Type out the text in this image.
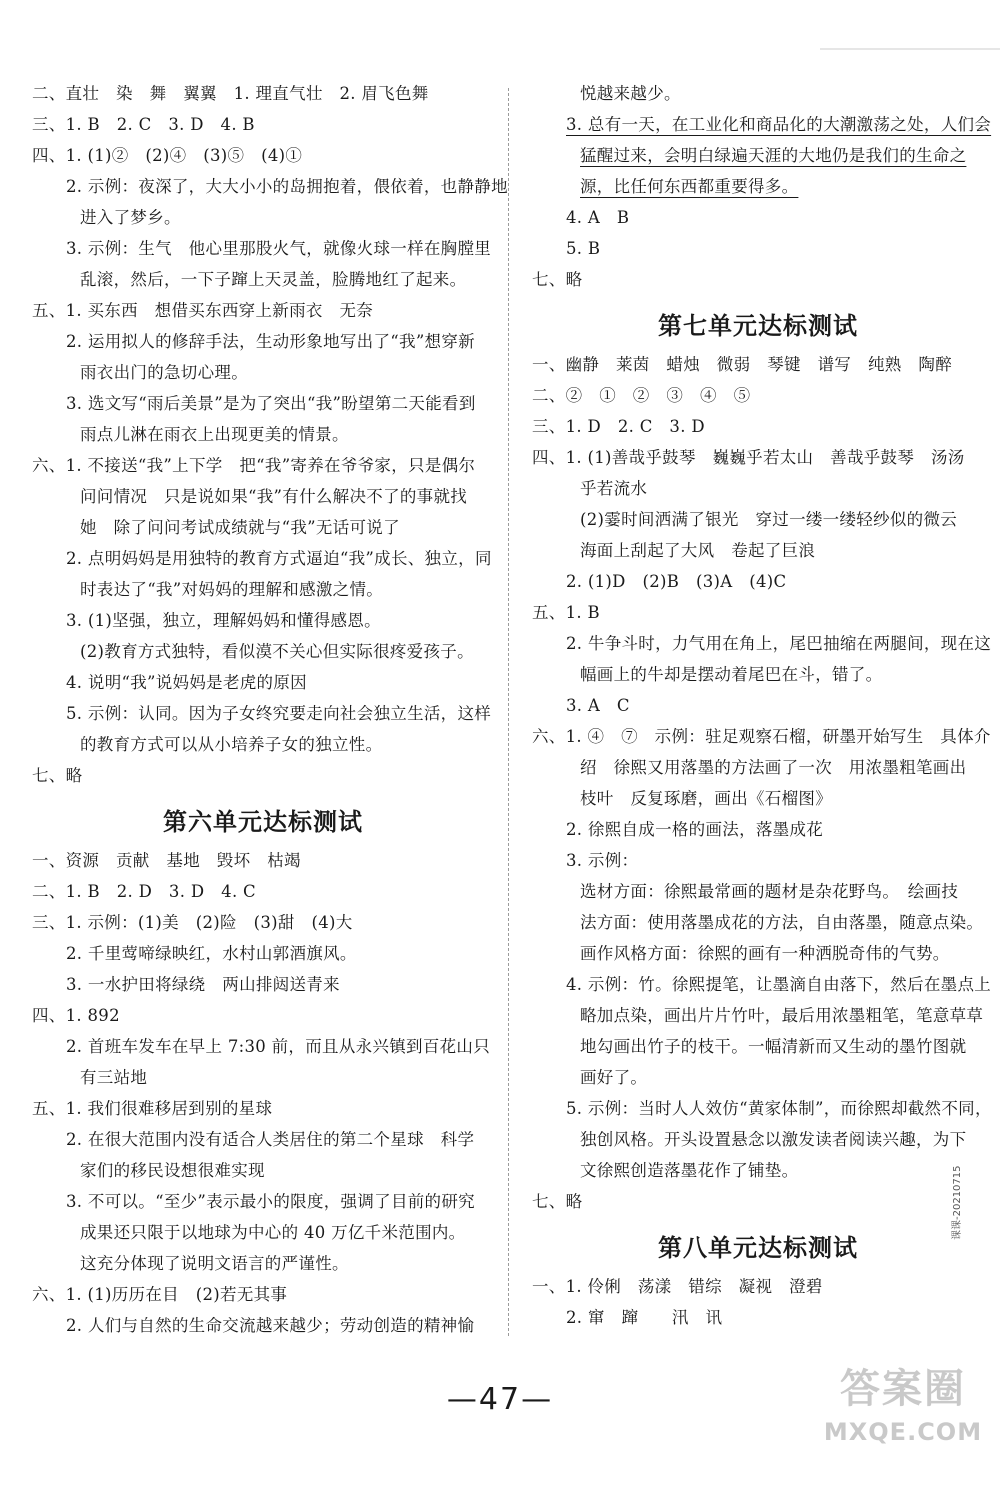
二、直壮　染　舞　翼翼　1. 理直气壮　2. 眉飞色舞
三、1. B　2. C　3. D　4. B
四、1. (1)②　(2)④　(3)⑤　(4)①
2. 示例：夜深了，大大小小的岛拥抱着，偎依着，也静静地
进入了梦乡。
3. 示例：生气　他心里那股火气，就像火球一样在胸膛里
乱滚，然后，一下子蹿上天灵盖，脸腾地红了起来。
五、1. 买东西　想借买东西穿上新雨衣　无奈
2. 运用拟人的修辞手法，生动形象地写出了“我”想穿新
雨衣出门的急切心理。
3. 选文写“雨后美景”是为了突出“我”盼望第二天能看到
雨点儿淋在雨衣上出现更美的情景。
六、1. 不接送“我”上下学　把“我”寄养在爷爷家，只是偶尔
问问情况　只是说如果“我”有什么解决不了的事就找
她　除了问问考试成绩就与“我”无话可说了
2. 点明妈妈是用独特的教育方式逼迫“我”成长、独立，同
时表达了“我”对妈妈的理解和感激之情。
3. (1)坚强，独立，理解妈妈和懂得感恩。
(2)教育方式独特，看似漠不关心但实际很疼爱孩子。
4. 说明“我”说妈妈是老虎的原因
5. 示例：认同。因为子女终究要走向社会独立生活，这样
的教育方式可以从小培养子女的独立性。
七、略
第六单元达标测试
一、资源　贡献　基地　毁坏　枯竭
二、1. B　2. D　3. D　4. C
三、1. 示例：(1)美　(2)险　(3)甜　(4)大
2. 千里莺啼绿映红，水村山郭酒旗风。
3. 一水护田将绿绕　两山排闼送青来
四、1. 892
2. 首班车发车在早上 7:30 前，而且从永兴镇到百花山只
有三站地
五、1. 我们很难移居到别的星球
2. 在很大范围内没有适合人类居住的第二个星球　科学
家们的移民设想很难实现
3. 不可以。“至少”表示最小的限度，强调了目前的研究
成果还只限于以地球为中心的 40 万亿千米范围内。
这充分体现了说明文语言的严谨性。
六、1. (1)历历在目　(2)若无其事
2. 人们与自然的生命交流越来越少；劳动创造的精神愉
悦越来越少。
3. 总有一天，在工业化和商品化的大潮激荡之处，人们会
猛醒过来，会明白绿遍天涯的大地仍是我们的生命之
源，比任何东西都重要得多。
4. A　B
5. B
七、略
第七单元达标测试
一、幽静　莱茵　蜡烛　微弱　琴键　谱写　纯熟　陶醉
二、②　①　②　③　④　⑤
三、1. D　2. C　3. D
四、1. (1)善哉乎鼓琴　巍巍乎若太山　善哉乎鼓琴　汤汤
乎若流水
(2)霎时间洒满了银光　穿过一缕一缕轻纱似的微云
海面上刮起了大风　卷起了巨浪
2. (1)D　(2)B　(3)A　(4)C
五、1. B
2. 牛争斗时，力气用在角上，尾巴抽缩在两腿间，现在这
幅画上的牛却是摆动着尾巴在斗，错了。
3. A　C
六、1. ④　⑦　示例：驻足观察石榴，研墨开始写生　具体介
绍　徐熙又用落墨的方法画了一次　用浓墨粗笔画出
枝叶　反复琢磨，画出《石榴图》
2. 徐熙自成一格的画法，落墨成花
3. 示例：
选材方面：徐熙最常画的题材是杂花野鸟。　绘画技
法方面：使用落墨成花的方法，自由落墨，随意点染。
画作风格方面：徐熙的画有一种洒脱奇伟的气势。
4. 示例：竹。徐熙提笔，让墨滴自由落下，然后在墨点上
略加点染，画出片片竹叶，最后用浓墨粗笔，笔意草草
地勾画出竹子的枝干。一幅清新而又生动的墨竹图就
画好了。
5. 示例：当时人人效仿“黄家体制”，而徐熙却截然不同，
独创风格。开头设置悬念以激发读者阅读兴趣，为下
文徐熙创造落墨花作了铺垫。
七、略
第八单元达标测试
一、1. 伶俐　荡漾　错综　凝视　澄碧
2. 窜　蹿　　汛　讯
课课-2021071​5
—47—	答案圈
MXQE.COM
